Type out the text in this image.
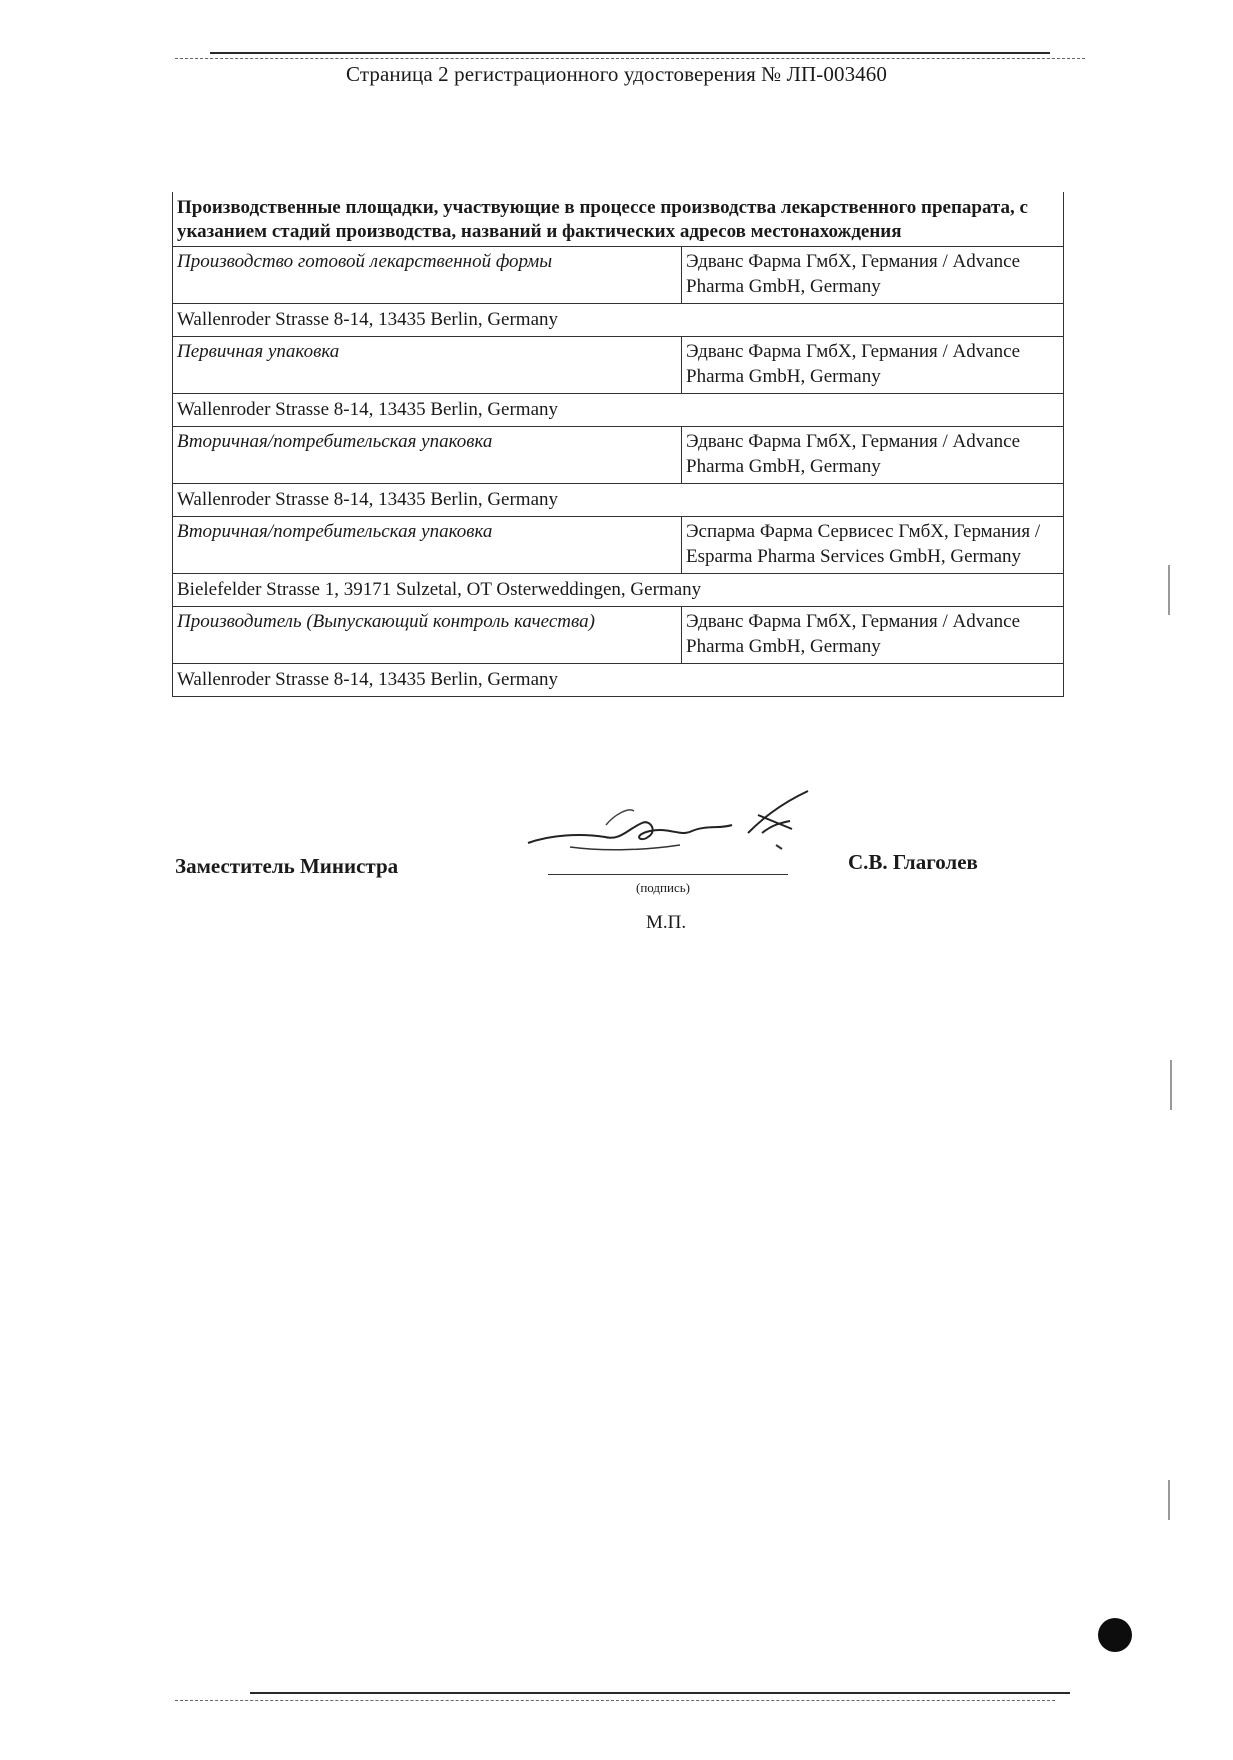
Страница 2 регистрационного удостоверения № ЛП-003460
Производственные площадки, участвующие в процессе производства лекарственного препарата, с указанием стадий производства, названий и фактических адресов местонахождения	
Производство готовой лекарственной формы	Эдванс Фарма ГмбХ, Германия / Advance Pharma GmbH, Germany
Wallenroder Strasse 8-14, 13435 Berlin, Germany	
Первичная упаковка	Эдванс Фарма ГмбХ, Германия / Advance Pharma GmbH, Germany
Wallenroder Strasse 8-14, 13435 Berlin, Germany	
Вторичная/потребительская упаковка	Эдванс Фарма ГмбХ, Германия / Advance Pharma GmbH, Germany
Wallenroder Strasse 8-14, 13435 Berlin, Germany	
Вторичная/потребительская упаковка	Эспарма Фарма Сервисес ГмбХ, Германия / Esparma Pharma Services GmbH, Germany
Bielefelder Strasse 1, 39171 Sulzetal, OT Osterweddingen, Germany	
Производитель (Выпускающий контроль качества)	Эдванс Фарма ГмбХ, Германия / Advance Pharma GmbH, Germany
Wallenroder Strasse 8-14, 13435 Berlin, Germany	
Заместитель Министра
(подпись)
М.П.
С.В. Глаголев
